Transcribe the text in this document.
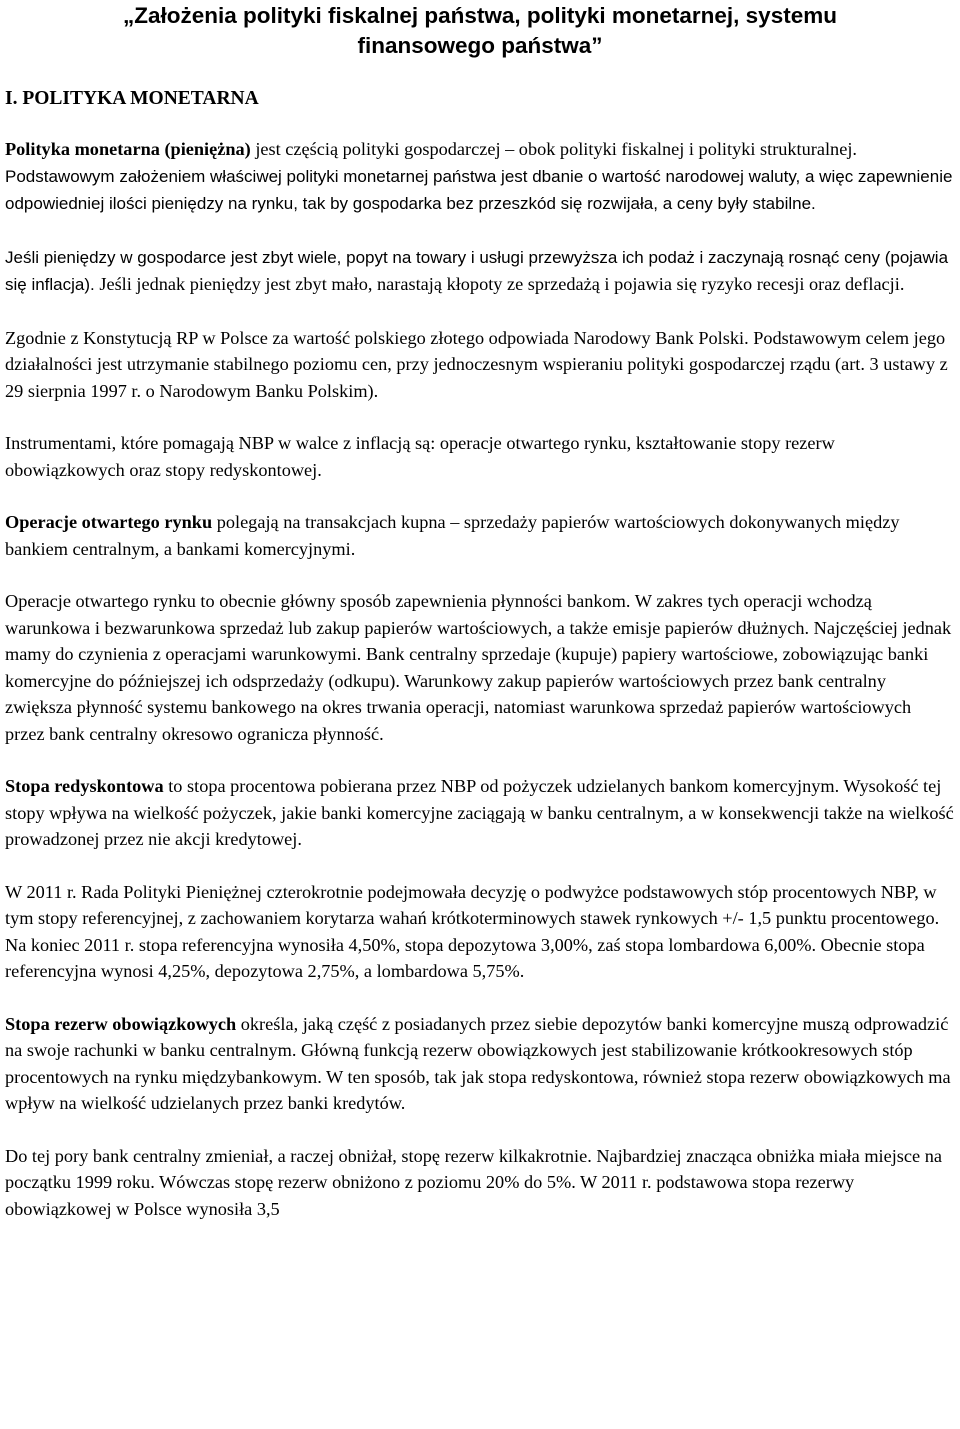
„Założenia polityki fiskalnej państwa, polityki monetarnej, systemu
finansowego państwa”
I. POLITYKA MONETARNA

Polityka monetarna (pieniężna) jest częścią polityki gospodarczej – obok polityki fiskalnej i polityki strukturalnej. Podstawowym założeniem właściwej polityki monetarnej państwa jest dbanie o wartość narodowej waluty, a więc zapewnienie odpowiedniej ilości pieniędzy na rynku, tak by gospodarka bez przeszkód się rozwijała, a ceny były stabilne.

Jeśli pieniędzy w gospodarce jest zbyt wiele, popyt na towary i usługi przewyższa ich podaż i zaczynają rosnąć ceny (pojawia się inflacja). Jeśli jednak pieniędzy jest zbyt mało, narastają kłopoty ze sprzedażą i pojawia się ryzyko recesji oraz deflacji.

Zgodnie z Konstytucją RP w Polsce za wartość polskiego złotego odpowiada Narodowy Bank Polski. Podstawowym celem jego działalności jest utrzymanie stabilnego poziomu cen, przy jednoczesnym wspieraniu polityki gospodarczej rządu (art. 3 ustawy z 29 sierpnia 1997 r. o Narodowym Banku Polskim).

Instrumentami, które pomagają NBP w walce z inflacją są: operacje otwartego rynku, kształtowanie stopy rezerw obowiązkowych oraz stopy redyskontowej.

Operacje otwartego rynku polegają na transakcjach kupna – sprzedaży papierów wartościowych dokonywanych między bankiem centralnym, a bankami komercyjnymi.

Operacje otwartego rynku to obecnie główny sposób zapewnienia płynności bankom. W zakres tych operacji wchodzą warunkowa i bezwarunkowa sprzedaż lub zakup papierów wartościowych, a także emisje papierów dłużnych. Najczęściej jednak mamy do czynienia z operacjami warunkowymi. Bank centralny sprzedaje (kupuje) papiery wartościowe, zobowiązując banki komercyjne do późniejszej ich odsprzedaży (odkupu). Warunkowy zakup papierów wartościowych przez bank centralny zwiększa płynność systemu bankowego na okres trwania operacji, natomiast warunkowa sprzedaż papierów wartościowych przez bank centralny okresowo ogranicza płynność.

Stopa redyskontowa to stopa procentowa pobierana przez NBP od pożyczek udzielanych bankom komercyjnym. Wysokość tej stopy wpływa na wielkość pożyczek, jakie banki komercyjne zaciągają w banku centralnym, a w konsekwencji także na wielkość prowadzonej przez nie akcji kredytowej.

W 2011 r. Rada Polityki Pieniężnej czterokrotnie podejmowała decyzję o podwyżce podstawowych stóp procentowych NBP, w tym stopy referencyjnej, z zachowaniem korytarza wahań krótkoterminowych stawek rynkowych +/- 1,5 punktu procentowego. Na koniec 2011 r. stopa referencyjna wynosiła 4,50%, stopa depozytowa 3,00%, zaś stopa lombardowa 6,00%. Obecnie stopa referencyjna wynosi 4,25%, depozytowa 2,75%, a lombardowa 5,75%.

Stopa rezerw obowiązkowych określa, jaką część z posiadanych przez siebie depozytów banki komercyjne muszą odprowadzić na swoje rachunki w banku centralnym. Główną funkcją rezerw obowiązkowych jest stabilizowanie krótkookresowych stóp procentowych na rynku międzybankowym. W ten sposób, tak jak stopa redyskontowa, również stopa rezerw obowiązkowych ma wpływ na wielkość udzielanych przez banki kredytów.

Do tej pory bank centralny zmieniał, a raczej obniżał, stopę rezerw kilkakrotnie. Najbardziej znacząca obniżka miała miejsce na początku 1999 roku. Wówczas stopę rezerw obniżono z poziomu 20% do 5%. W 2011 r. podstawowa stopa rezerwy obowiązkowej w Polsce wynosiła 3,5
